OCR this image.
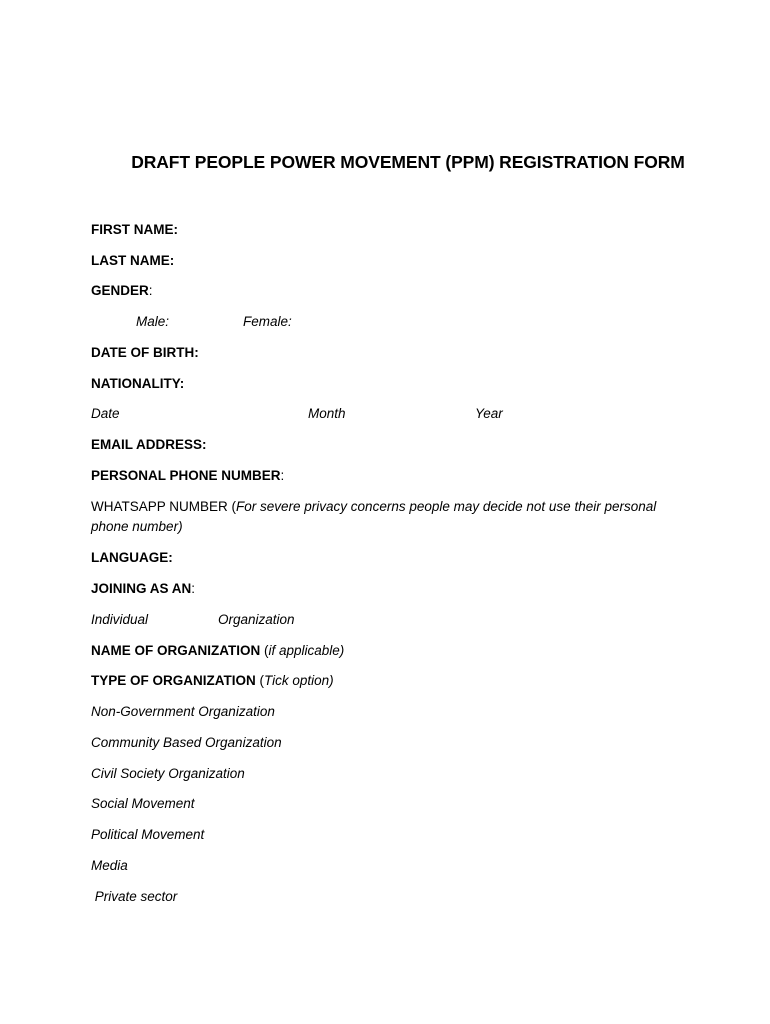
DRAFT PEOPLE POWER MOVEMENT (PPM) REGISTRATION FORM
FIRST NAME:
LAST NAME:
GENDER:
Male:	Female:
DATE OF BIRTH:
NATIONALITY:
Date	Month	Year
EMAIL ADDRESS:
PERSONAL PHONE NUMBER:
WHATSAPP NUMBER (For severe privacy concerns people may decide not use their personal phone number)
LANGUAGE:
JOINING AS AN:
Individual	Organization
NAME OF ORGANIZATION (if applicable)
TYPE OF ORGANIZATION (Tick option)
Non-Government Organization
Community Based Organization
Civil Society Organization
Social Movement
Political Movement
Media
Private sector
